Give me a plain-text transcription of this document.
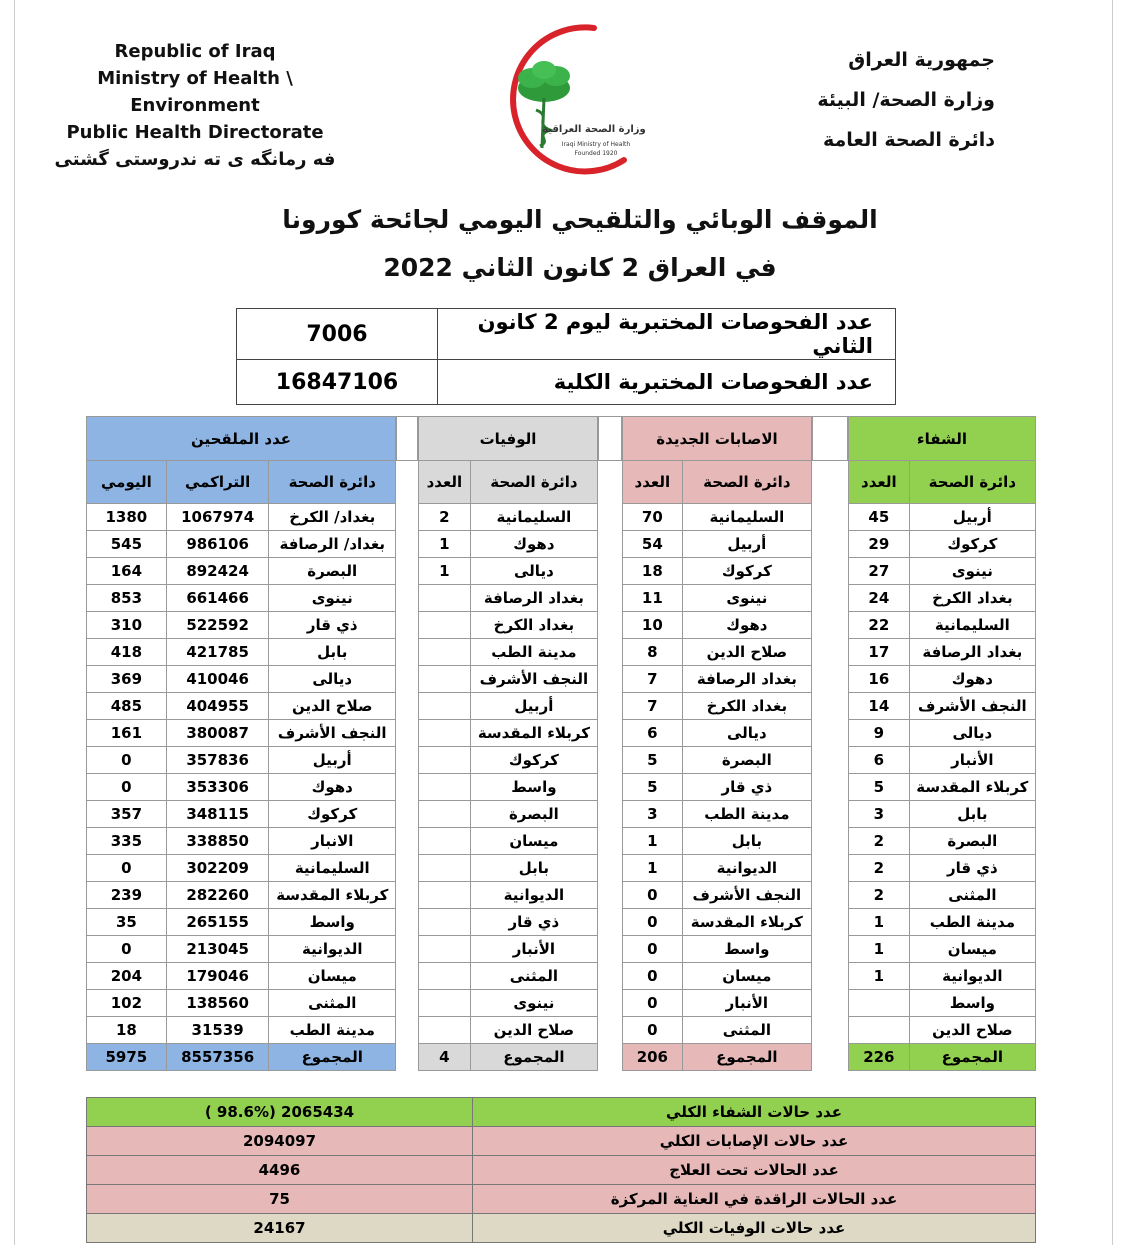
Republic of Iraq
Ministry of Health \ Environment
Public Health Directorate
فه رمانگه ی ته ندروستی گشتی
جمهورية العراق
وزارة الصحة/ البيئة
دائرة الصحة العامة
وزارة الصحة العراقية
Iraqi Ministry of Health
Founded 1920
الموقف الوبائي والتلقيحي اليومي لجائحة كورونا
في العراق 2 كانون الثاني 2022
عدد الفحوصات المختبرية ليوم 2 كانون الثاني	7006
عدد الفحوصات المختبرية الكلية	16847106
الشفاء	
دائرة الصحة	العدد
أربيل	45
كركوك	29
نينوى	27
بغداد الكرخ	24
السليمانية	22
بغداد الرصافة	17
دهوك	16
النجف الأشرف	14
ديالى	9
الأنبار	6
كربلاء المقدسة	5
بابل	3
البصرة	2
ذي قار	2
المثنى	2
مدينة الطب	1
ميسان	1
الديوانية	1
واسط	
صلاح الدين	
المجموع	226
الاصابات الجديدة	
دائرة الصحة	العدد
السليمانية	70
أربيل	54
كركوك	18
نينوى	11
دهوك	10
صلاح الدين	8
بغداد الرصافة	7
بغداد الكرخ	7
ديالى	6
البصرة	5
ذي قار	5
مدينة الطب	3
بابل	1
الديوانية	1
النجف الأشرف	0
كربلاء المقدسة	0
واسط	0
ميسان	0
الأنبار	0
المثنى	0
المجموع	206
الوفيات	
دائرة الصحة	العدد
السليمانية	2
دهوك	1
ديالى	1
بغداد الرصافة	
بغداد الكرخ	
مدينة الطب	
النجف الأشرف	
أربيل	
كربلاء المقدسة	
كركوك	
واسط	
البصرة	
ميسان	
بابل	
الديوانية	
ذي قار	
الأنبار	
المثنى	
نينوى	
صلاح الدين	
المجموع	4
عدد الملقحين		
دائرة الصحة	التراكمي	اليومي
بغداد/ الكرخ	1067974	1380
بغداد/ الرصافة	986106	545
البصرة	892424	164
نينوى	661466	853
ذي قار	522592	310
بابل	421785	418
ديالى	410046	369
صلاح الدين	404955	485
النجف الأشرف	380087	161
أربيل	357836	0
دهوك	353306	0
كركوك	348115	357
الانبار	338850	335
السليمانية	302209	0
كربلاء المقدسة	282260	239
واسط	265155	35
الديوانية	213045	0
ميسان	179046	204
المثنى	138560	102
مدينة الطب	31539	18
المجموع	8557356	5975
عدد حالات الشفاء الكلي	( 98.6%) 2065434
عدد حالات الإصابات الكلي	2094097
عدد الحالات تحت العلاج	4496
عدد الحالات الراقدة في العناية المركزة	75
عدد حالات الوفيات الكلي	24167
